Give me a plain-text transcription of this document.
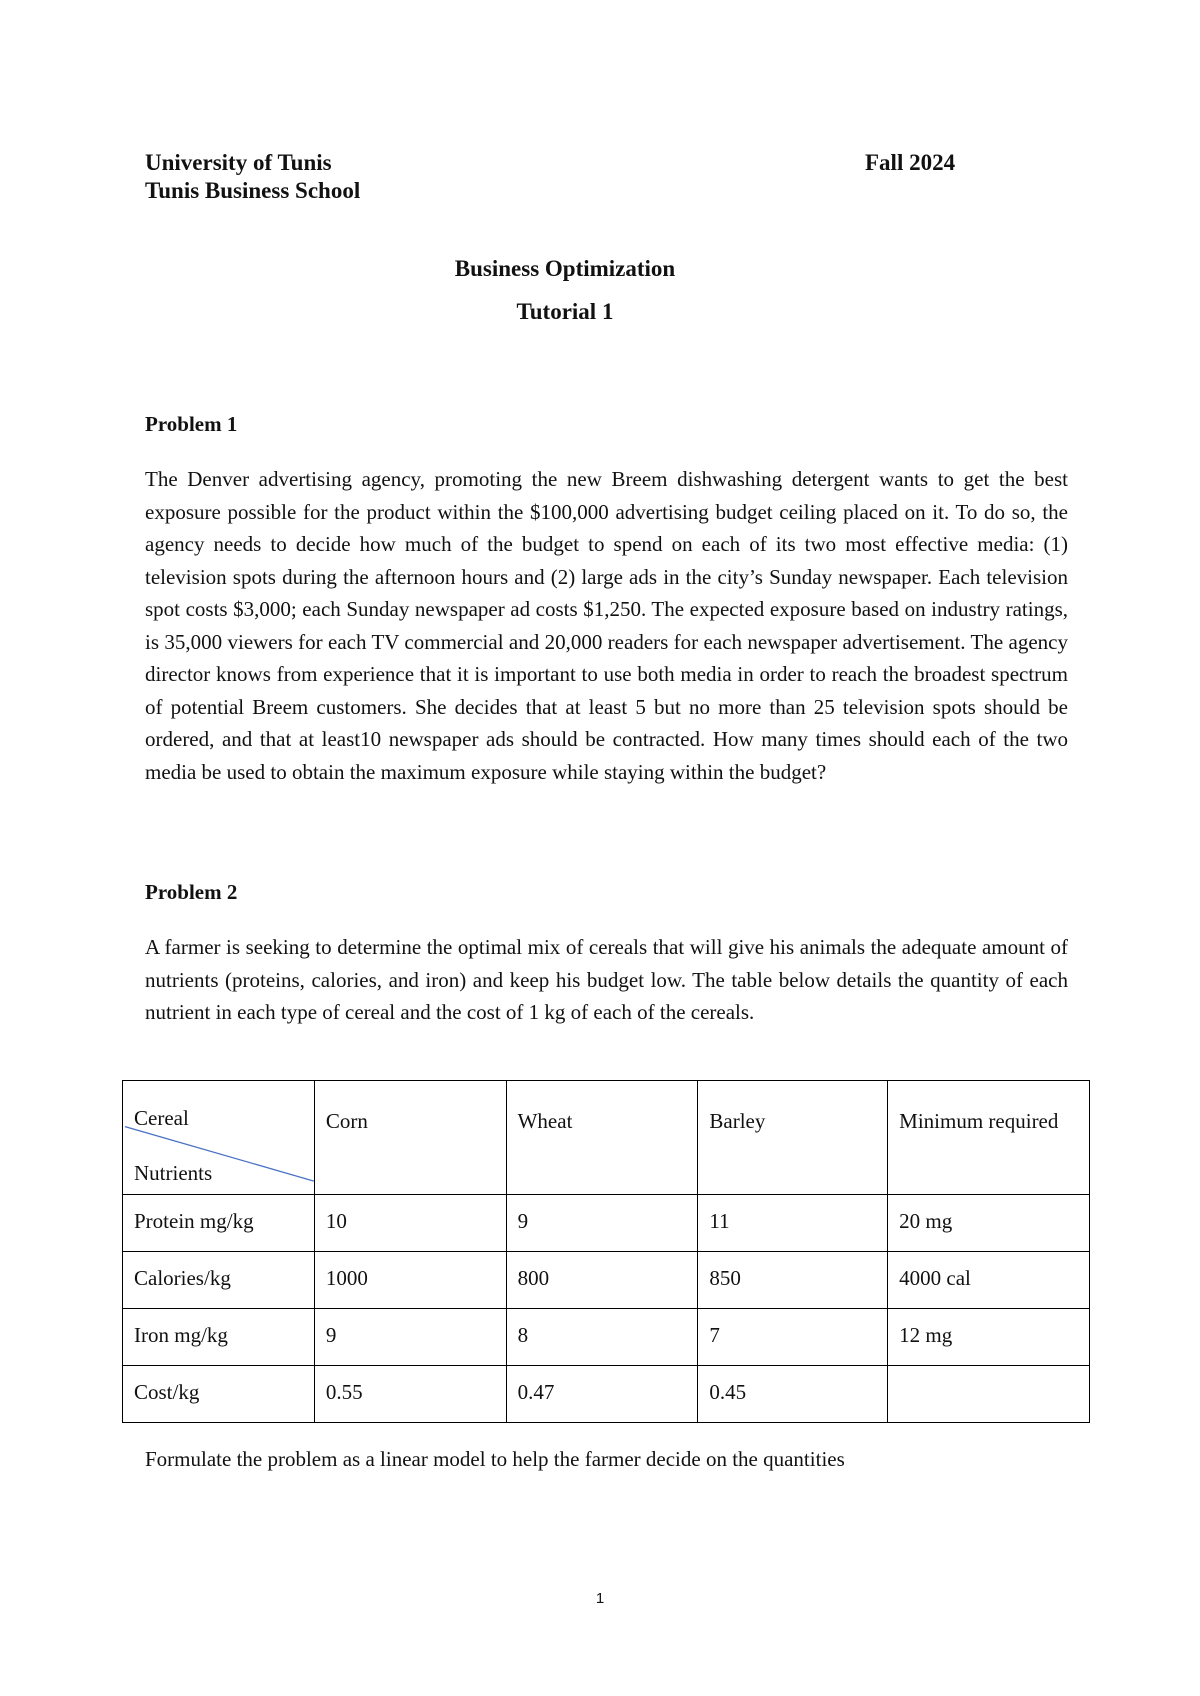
University of Tunis
Tunis Business School
Fall 2024
Business Optimization
Tutorial 1
Problem 1

The Denver advertising agency, promoting the new Breem dishwashing detergent wants to get the best exposure possible for the product within the $100,000 advertising budget ceiling placed on it. To do so, the agency needs to decide how much of the budget to spend on each of its two most effective media: (1) television spots during the afternoon hours and (2) large ads in the city’s Sunday newspaper. Each television spot costs $3,000; each Sunday newspaper ad costs $1,250. The expected exposure based on industry ratings, is 35,000 viewers for each TV commercial and 20,000 readers for each newspaper advertisement. The agency director knows from experience that it is important to use both media in order to reach the broadest spectrum of potential Breem customers. She decides that at least 5 but no more than 25 television spots should be ordered, and that at least10 newspaper ads should be contracted. How many times should each of the two media be used to obtain the maximum exposure while staying within the budget?

Problem 2

A farmer is seeking to determine the optimal mix of cereals that will give his animals the adequate amount of nutrients (proteins, calories, and iron) and keep his budget low. The table below details the quantity of each nutrient in each type of cereal and the cost of 1 kg of each of the cereals.

Cereal
Nutrients	Corn	Wheat	Barley	Minimum required

Protein mg/kg	10	9	11	20 mg

Calories/kg	1000	800	850	4000 cal

Iron mg/kg	9	8	7	12 mg

Cost/kg	0.55	0.47	0.45	

Formulate the problem as a linear model to help the farmer decide on the quantities
1
